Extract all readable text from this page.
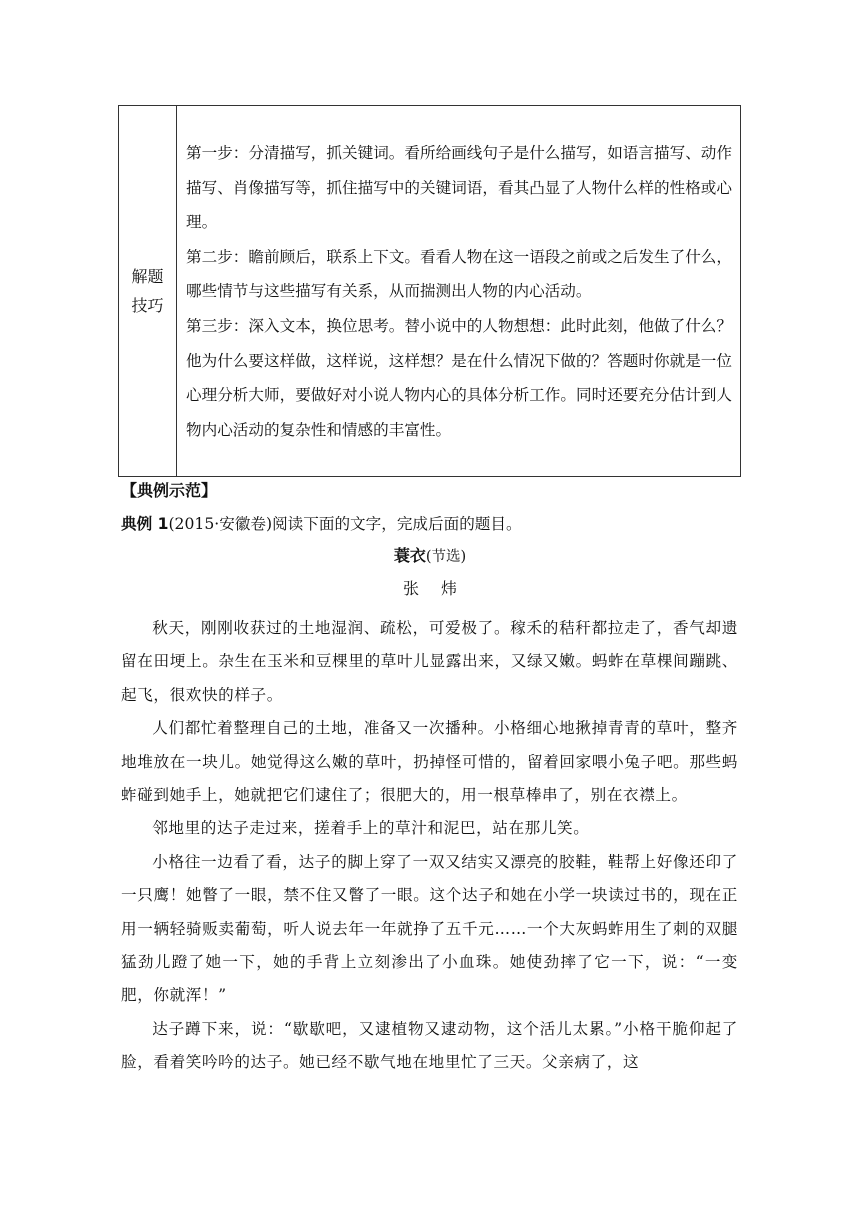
解题
技巧

第一步：分清描写，抓关键词。看所给画线句子是什么描写，如语言描写、动作描写、肖像描写等，抓住描写中的关键词语，看其凸显了人物什么样的性格或心理。

第二步：瞻前顾后，联系上下文。看看人物在这一语段之前或之后发生了什么，哪些情节与这些描写有关系，从而揣测出人物的内心活动。

第三步：深入文本，换位思考。替小说中的人物想想：此时此刻，他做了什么？他为什么要这样做，这样说，这样想？是在什么情况下做的？答题时你就是一位心理分析大师，要做好对小说人物内心的具体分析工作。同时还要充分估计到人物内心活动的复杂性和情感的丰富性。

【典例示范】
典例 1(2015·安徽卷)阅读下面的文字，完成后面的题目。
蓑衣(节选)
张炜

秋天，刚刚收获过的土地湿润、疏松，可爱极了。稼禾的秸秆都拉走了，香气却遗留在田埂上。杂生在玉米和豆棵里的草叶儿显露出来，又绿又嫩。蚂蚱在草棵间蹦跳、起飞，很欢快的样子。

人们都忙着整理自己的土地，准备又一次播种。小格细心地揪掉青青的草叶，整齐地堆放在一块儿。她觉得这么嫩的草叶，扔掉怪可惜的，留着回家喂小兔子吧。那些蚂蚱碰到她手上，她就把它们逮住了；很肥大的，用一根草棒串了，别在衣襟上。

邻地里的达子走过来，搓着手上的草汁和泥巴，站在那儿笑。

小格往一边看了看，达子的脚上穿了一双又结实又漂亮的胶鞋，鞋帮上好像还印了一只鹰！她瞥了一眼，禁不住又瞥了一眼。这个达子和她在小学一块读过书的，现在正用一辆轻骑贩卖葡萄，听人说去年一年就挣了五千元……一个大灰蚂蚱用生了刺的双腿猛劲儿蹬了她一下，她的手背上立刻渗出了小血珠。她使劲摔了它一下，说：“一变肥，你就浑！”

达子蹲下来，说：“歇歇吧，又逮植物又逮动物，这个活儿太累。”小格干脆仰起了脸，看着笑吟吟的达子。她已经不歇气地在地里忙了三天。父亲病了，这
